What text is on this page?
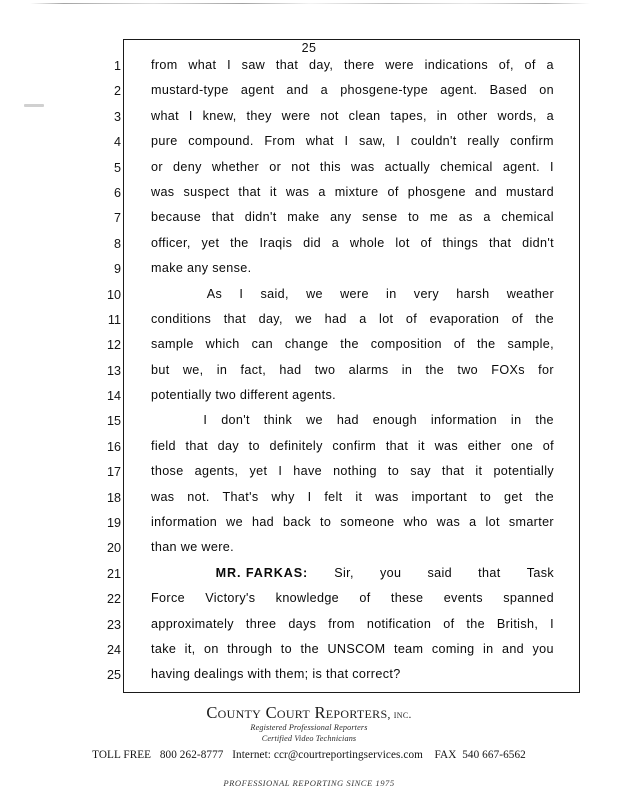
25
1 from what I saw that day, there were indications of, of a
2 mustard-type agent and a phosgene-type agent. Based on
3 what I knew, they were not clean tapes, in other words, a
4 pure compound. From what I saw, I couldn't really confirm
5 or deny whether or not this was actually chemical agent. I
6 was suspect that it was a mixture of phosgene and mustard
7 because that didn't make any sense to me as a chemical
8 officer, yet the Iraqis did a whole lot of things that didn't
9 make any sense.
10
	As I said, we were in very harsh weather
11 conditions that day, we had a lot of evaporation of the
12 sample which can change the composition of the sample,
13 but we, in fact, had two alarms in the two FOXs for
14 potentially two different agents.
15
	I don't think we had enough information in the
16 field that day to definitely confirm that it was either one of
17 those agents, yet I have nothing to say that it potentially
18 was not. That's why I felt it was important to get the
19 information we had back to someone who was a lot smarter
20 than we were.
21
	MR. FARKAS: Sir, you said that Task
22 Force Victory's knowledge of these events spanned
23 approximately three days from notification of the British, I
24 take it, on through to the UNSCOM team coming in and you
25 having dealings with them; is that correct?
County Court Reporters, inc.
Registered Professional Reporters
Certified Video Technicians
TOLL FREE 800 262-8777 Internet: ccr@courtreportingservices.com FAX 540 667-6562
PROFESSIONAL REPORTING SINCE 1975
